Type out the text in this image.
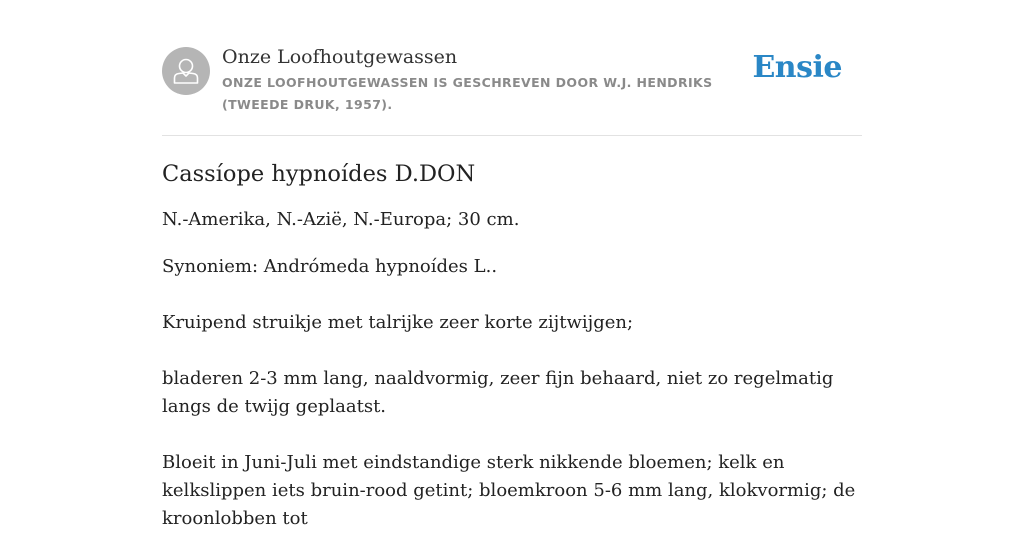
Onze Loofhoutgewassen
ONZE LOOFHOUTGEWASSEN IS GESCHREVEN DOOR W.J. HENDRIKS (TWEEDE DRUK, 1957).
Ensie
Cassíope hypnoídes D.DON

N.-Amerika, N.-Azië, N.-Europa; 30 cm.

Synoniem: Andrómeda hypnoídes L..

Kruipend struikje met talrijke zeer korte zijtwijgen;

bladeren 2-3 mm lang, naaldvormig, zeer fijn behaard, niet zo regelmatig langs de twijg geplaatst.

Bloeit in Juni-Juli met eindstandige sterk nikkende bloemen; kelk en kelkslippen iets bruin-rood getint; bloemkroon 5-6 mm lang, klokvormig; de kroonlobben tot
